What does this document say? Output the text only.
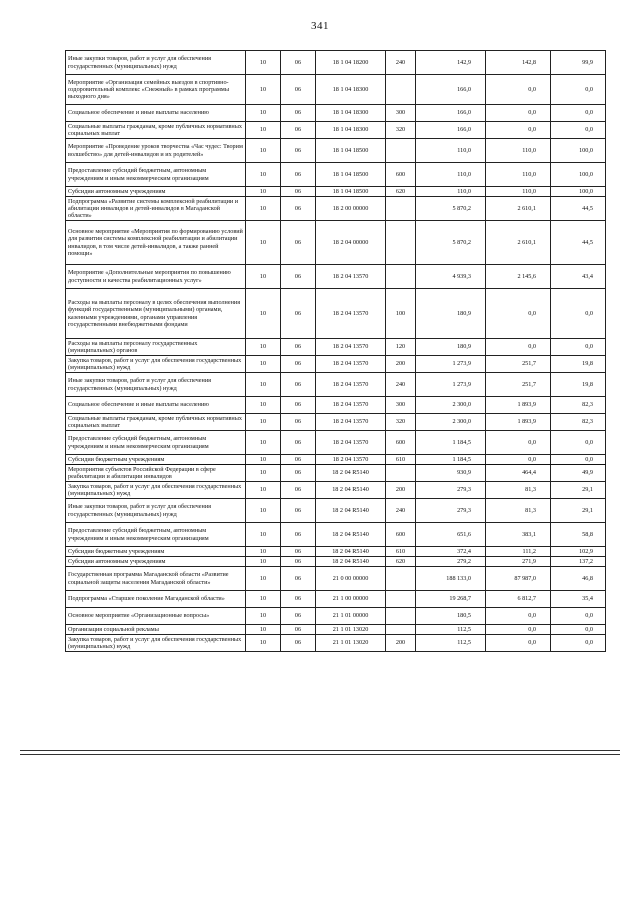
341
Иные закупки товаров, работ и услуг для обеспечения государственных (муниципальных) нужд	10	06	18 1 04 18200	240	142,9	142,8	99,9
Мероприятие «Организация семейных выездов в спортивно-оздоровительный комплекс «Снежный» в рамках программы выходного дня»	10	06	18 1 04 18300		166,0	0,0	0,0
Социальное обеспечение и иные выплаты населению	10	06	18 1 04 18300	300	166,0	0,0	0,0
Социальные выплаты гражданам, кроме публичных нормативных социальных выплат	10	06	18 1 04 18300	320	166,0	0,0	0,0
Мероприятие «Проведение уроков творчества «Час чудес: Творим волшебство» для детей-инвалидов и их родителей»	10	06	18 1 04 18500		110,0	110,0	100,0
Предоставление субсидий бюджетным, автономным учреждениям и иным некоммерческим организациям	10	06	18 1 04 18500	600	110,0	110,0	100,0
Субсидии автономным учреждениям	10	06	18 1 04 18500	620	110,0	110,0	100,0
Подпрограмма «Развитие системы комплексной реабилитации и абилитации инвалидов и детей-инвалидов в Магаданской области»	10	06	18 2 00 00000		5 870,2	2 610,1	44,5
Основное мероприятие «Мероприятия по формированию условий для развития системы комплексной реабилитации и абилитации инвалидов, в том числе детей-инвалидов, а также ранней помощи»	10	06	18 2 04 00000		5 870,2	2 610,1	44,5
Мероприятие «Дополнительные мероприятия по повышению доступности и качества реабилитационных услуг»	10	06	18 2 04 13570		4 939,3	2 145,6	43,4
Расходы на выплаты персоналу в целях обеспечения выполнения функций государственными (муниципальными) органами, казенными учреждениями, органами управления государственными внебюджетными фондами	10	06	18 2 04 13570	100	180,9	0,0	0,0
Расходы на выплаты персоналу государственных (муниципальных) органов	10	06	18 2 04 13570	120	180,9	0,0	0,0
Закупка товаров, работ и услуг для обеспечения государственных (муниципальных) нужд	10	06	18 2 04 13570	200	1 273,9	251,7	19,8
Иные закупки товаров, работ и услуг для обеспечения государственных (муниципальных) нужд	10	06	18 2 04 13570	240	1 273,9	251,7	19,8
Социальное обеспечение и иные выплаты населению	10	06	18 2 04 13570	300	2 300,0	1 893,9	82,3
Социальные выплаты гражданам, кроме публичных нормативных социальных выплат	10	06	18 2 04 13570	320	2 300,0	1 893,9	82,3
Предоставление субсидий бюджетным, автономным учреждениям и иным некоммерческим организациям	10	06	18 2 04 13570	600	1 184,5	0,0	0,0
Субсидии бюджетным учреждениям	10	06	18 2 04 13570	610	1 184,5	0,0	0,0
Мероприятия субъектов Российской Федерации в сфере реабилитации и абилитации инвалидов	10	06	18 2 04 R5140		930,9	464,4	49,9
Закупка товаров, работ и услуг для обеспечения государственных (муниципальных) нужд	10	06	18 2 04 R5140	200	279,3	81,3	29,1
Иные закупки товаров, работ и услуг для обеспечения государственных (муниципальных) нужд	10	06	18 2 04 R5140	240	279,3	81,3	29,1
Предоставление субсидий бюджетным, автономным учреждениям и иным некоммерческим организациям	10	06	18 2 04 R5140	600	651,6	383,1	58,8
Субсидии бюджетным учреждениям	10	06	18 2 04 R5140	610	372,4	111,2	102,9
Субсидии автономным учреждениям	10	06	18 2 04 R5140	620	279,2	271,9	137,2
Государственная программа Магаданской области «Развитие социальной защиты населения Магаданской области»	10	06	21 0 00 00000		188 133,0	87 987,0	46,8
Подпрограмма «Старшее поколение Магаданской области»	10	06	21 1 00 00000		19 268,7	6 812,7	35,4
Основное мероприятие «Организационные вопросы»	10	06	21 1 01 00000		180,5	0,0	0,0
Организация социальной рекламы	10	06	21 1 01 13020		112,5	0,0	0,0
Закупка товаров, работ и услуг для обеспечения государственных (муниципальных) нужд	10	06	21 1 01 13020	200	112,5	0,0	0,0
